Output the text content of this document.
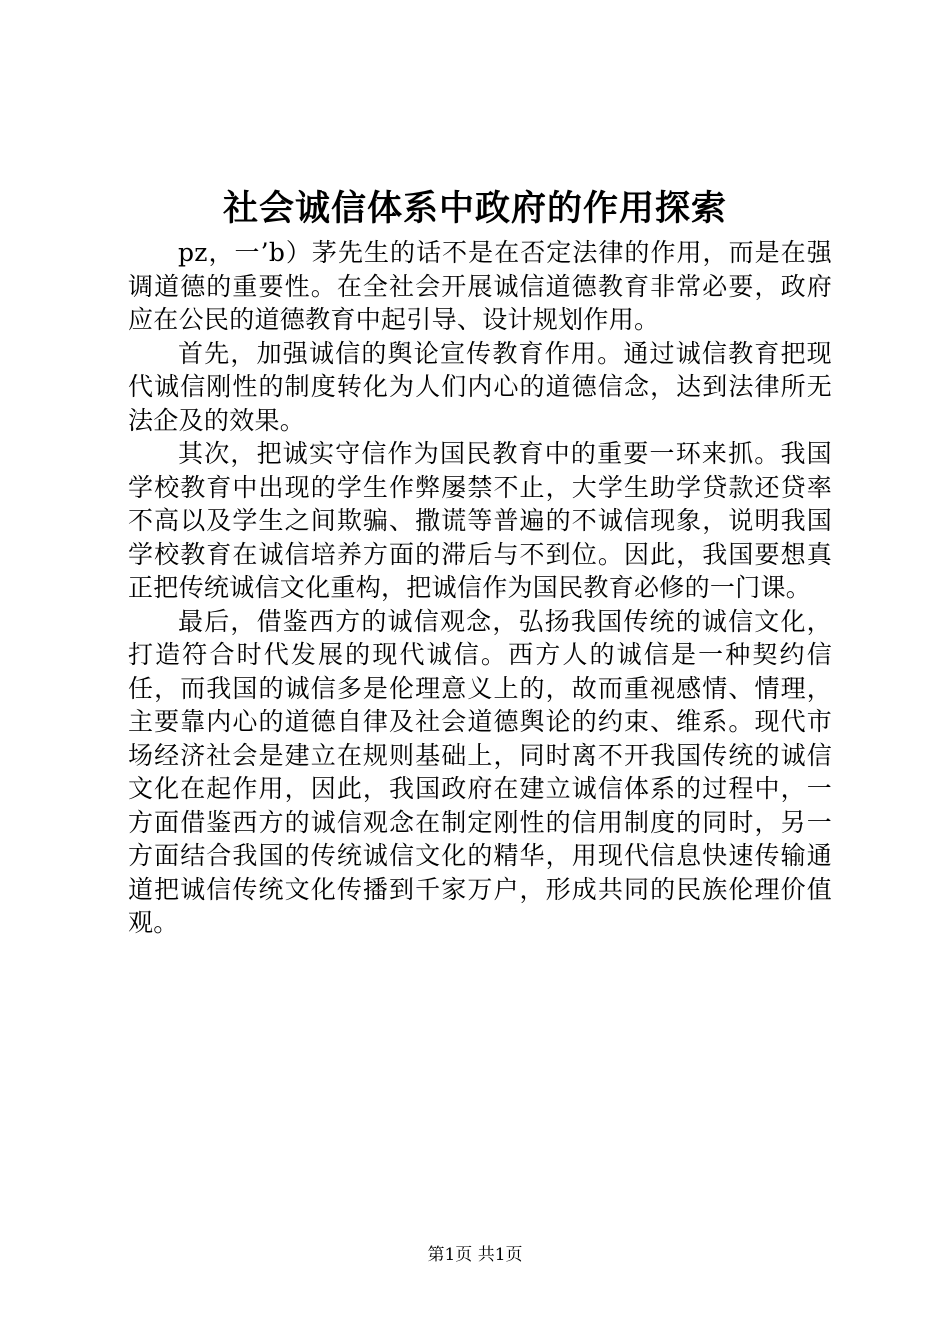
社会诚信体系中政府的作用探索

pz，一’b）茅先生的话不是在否定法律的作用，而是在强调道德的重要性。在全社会开展诚信道德教育非常必要，政府应在公民的道德教育中起引导、设计规划作用。

首先，加强诚信的舆论宣传教育作用。通过诚信教育把现代诚信刚性的制度转化为人们内心的道德信念，达到法律所无法企及的效果。

其次，把诚实守信作为国民教育中的重要一环来抓。我国学校教育中出现的学生作弊屡禁不止，大学生助学贷款还贷率不高以及学生之间欺骗、撒谎等普遍的不诚信现象，说明我国学校教育在诚信培养方面的滞后与不到位。因此，我国要想真正把传统诚信文化重构，把诚信作为国民教育必修的一门课。

最后，借鉴西方的诚信观念，弘扬我国传统的诚信文化，打造符合时代发展的现代诚信。西方人的诚信是一种契约信任，而我国的诚信多是伦理意义上的，故而重视感情、情理，主要靠内心的道德自律及社会道德舆论的约束、维系。现代市场经济社会是建立在规则基础上，同时离不开我国传统的诚信文化在起作用，因此，我国政府在建立诚信体系的过程中，一方面借鉴西方的诚信观念在制定刚性的信用制度的同时，另一方面结合我国的传统诚信文化的精华，用现代信息快速传输通道把诚信传统文化传播到千家万户，形成共同的民族伦理价值观。

第1页 共1页
